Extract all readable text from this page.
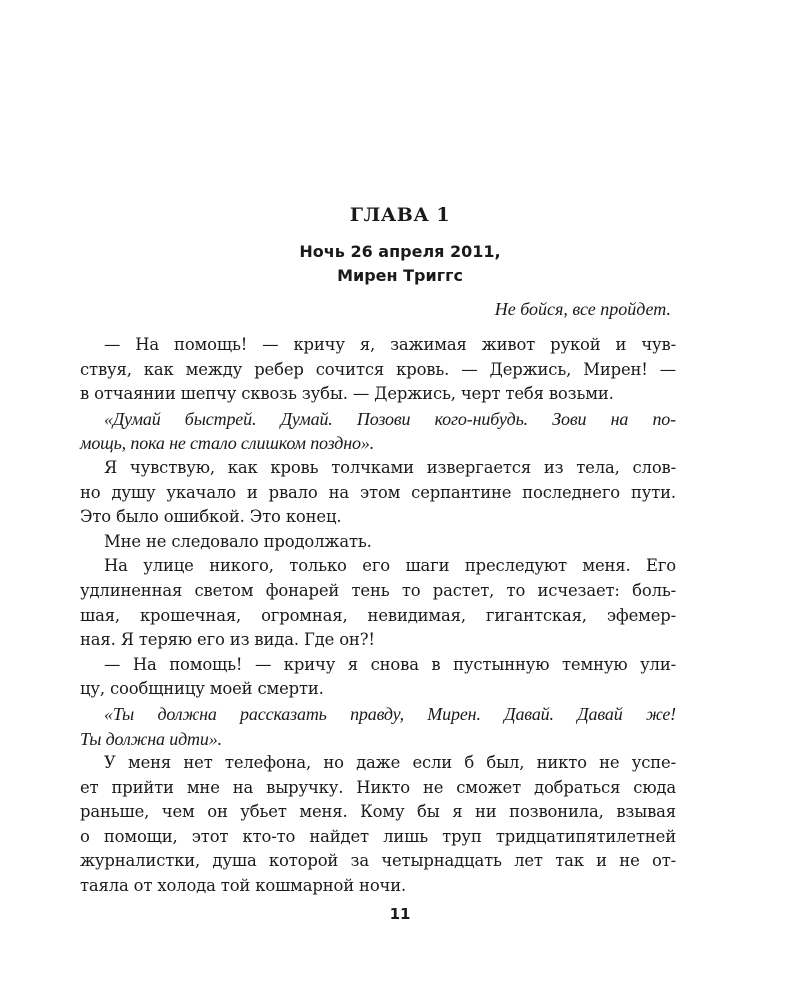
ГЛАВА 1
Ночь 26 апреля 2011,
Мирен Триггс
Не бойся, все пройдет.

— На помощь! — кричу я, зажимая живот рукой и чув-
ствуя, как между ребер сочится кровь. — Держись, Мирен! —
в отчаянии шепчу сквозь зубы. — Держись, черт тебя возьми.

«Думай быстрей. Думай. Позови кого-нибудь. Зови на по-
мощь, пока не стало слишком поздно».

Я чувствую, как кровь толчками извергается из тела, слов-
но душу укачало и рвало на этом серпантине последнего пути.
Это было ошибкой. Это конец.

Мне не следовало продолжать.

На улице никого, только его шаги преследуют меня. Его
удлиненная светом фонарей тень то растет, то исчезает: боль-
шая, крошечная, огромная, невидимая, гигантская, эфемер-
ная. Я теряю его из вида. Где он?!

— На помощь! — кричу я снова в пустынную темную ули-
цу, сообщницу моей смерти.

«Ты должна рассказать правду, Мирен. Давай. Давай же!
Ты должна идти».

У меня нет телефона, но даже если б был, никто не успе-
ет прийти мне на выручку. Никто не сможет добраться сюда
раньше, чем он убьет меня. Кому бы я ни позвонила, взывая
о помощи, этот кто-то найдет лишь труп тридцатипятилетней
журналистки, душа которой за четырнадцать лет так и не от-
таяла от холода той кошмарной ночи.

11
